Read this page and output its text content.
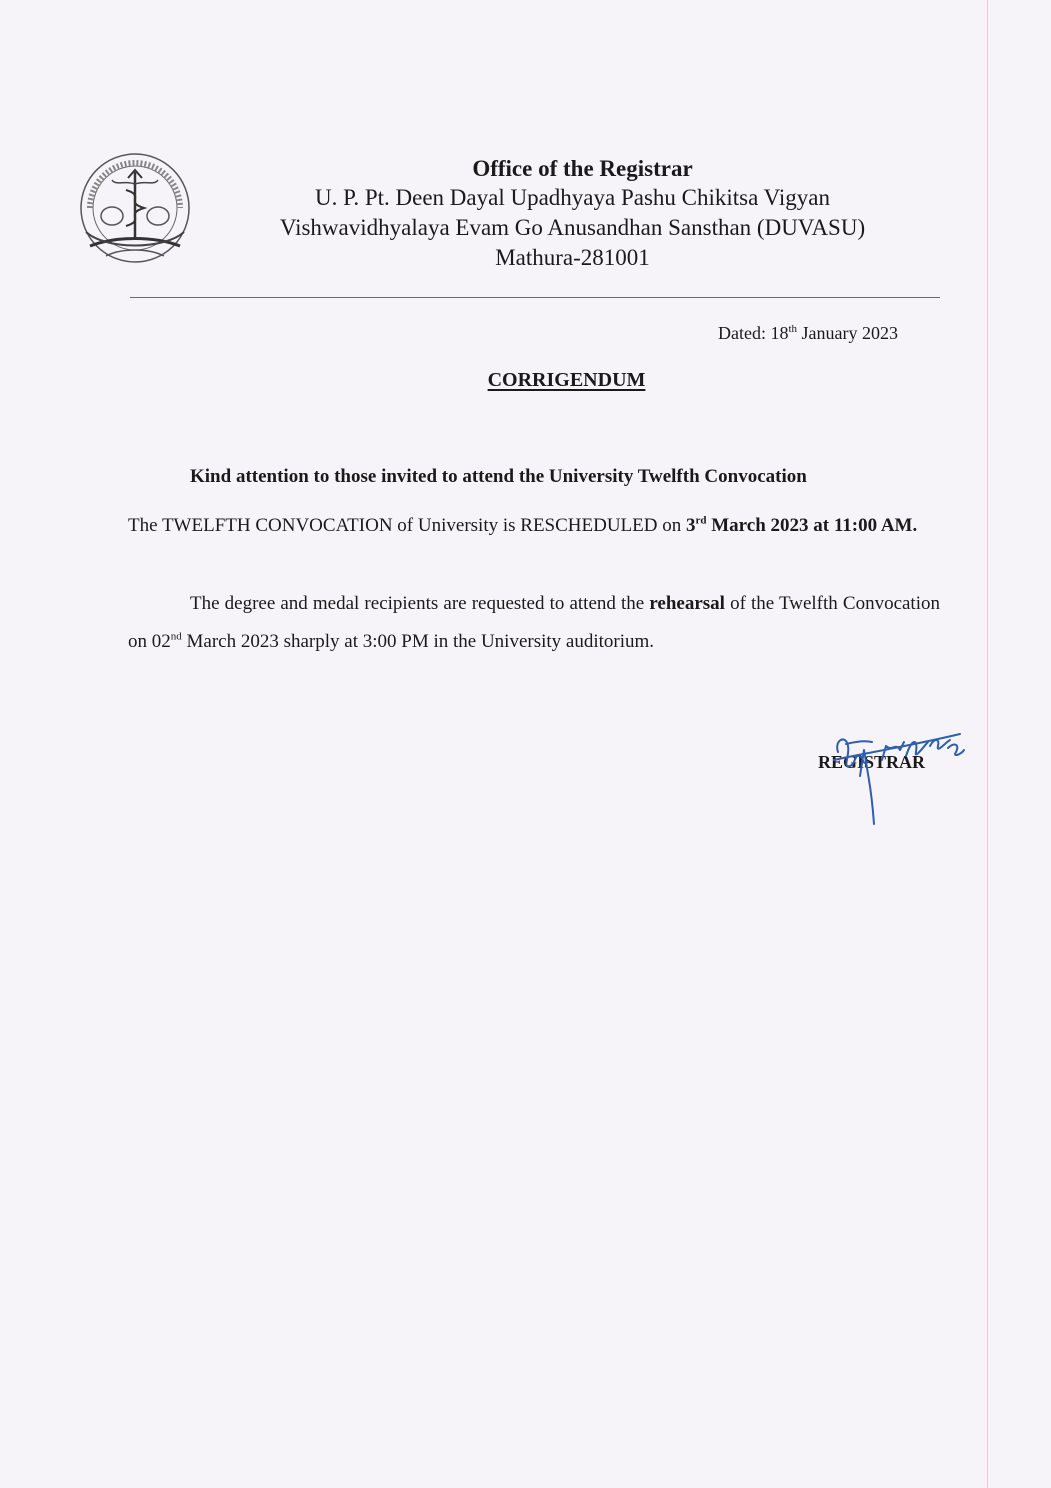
Office of the Registrar
U. P. Pt. Deen Dayal Upadhyaya Pashu Chikitsa Vigyan
Vishwavidhyalaya Evam Go Anusandhan Sansthan (DUVASU)
Mathura-281001
Dated: 18th January 2023
CORRIGENDUM
Kind attention to those invited to attend the University Twelfth Convocation
The TWELFTH CONVOCATION of University is RESCHEDULED on 3rd March 2023 at 11:00 AM.
The degree and medal recipients are requested to attend the rehearsal of the Twelfth Convocation on 02nd March 2023 sharply at 3:00 PM in the University auditorium.
REGISTRAR
